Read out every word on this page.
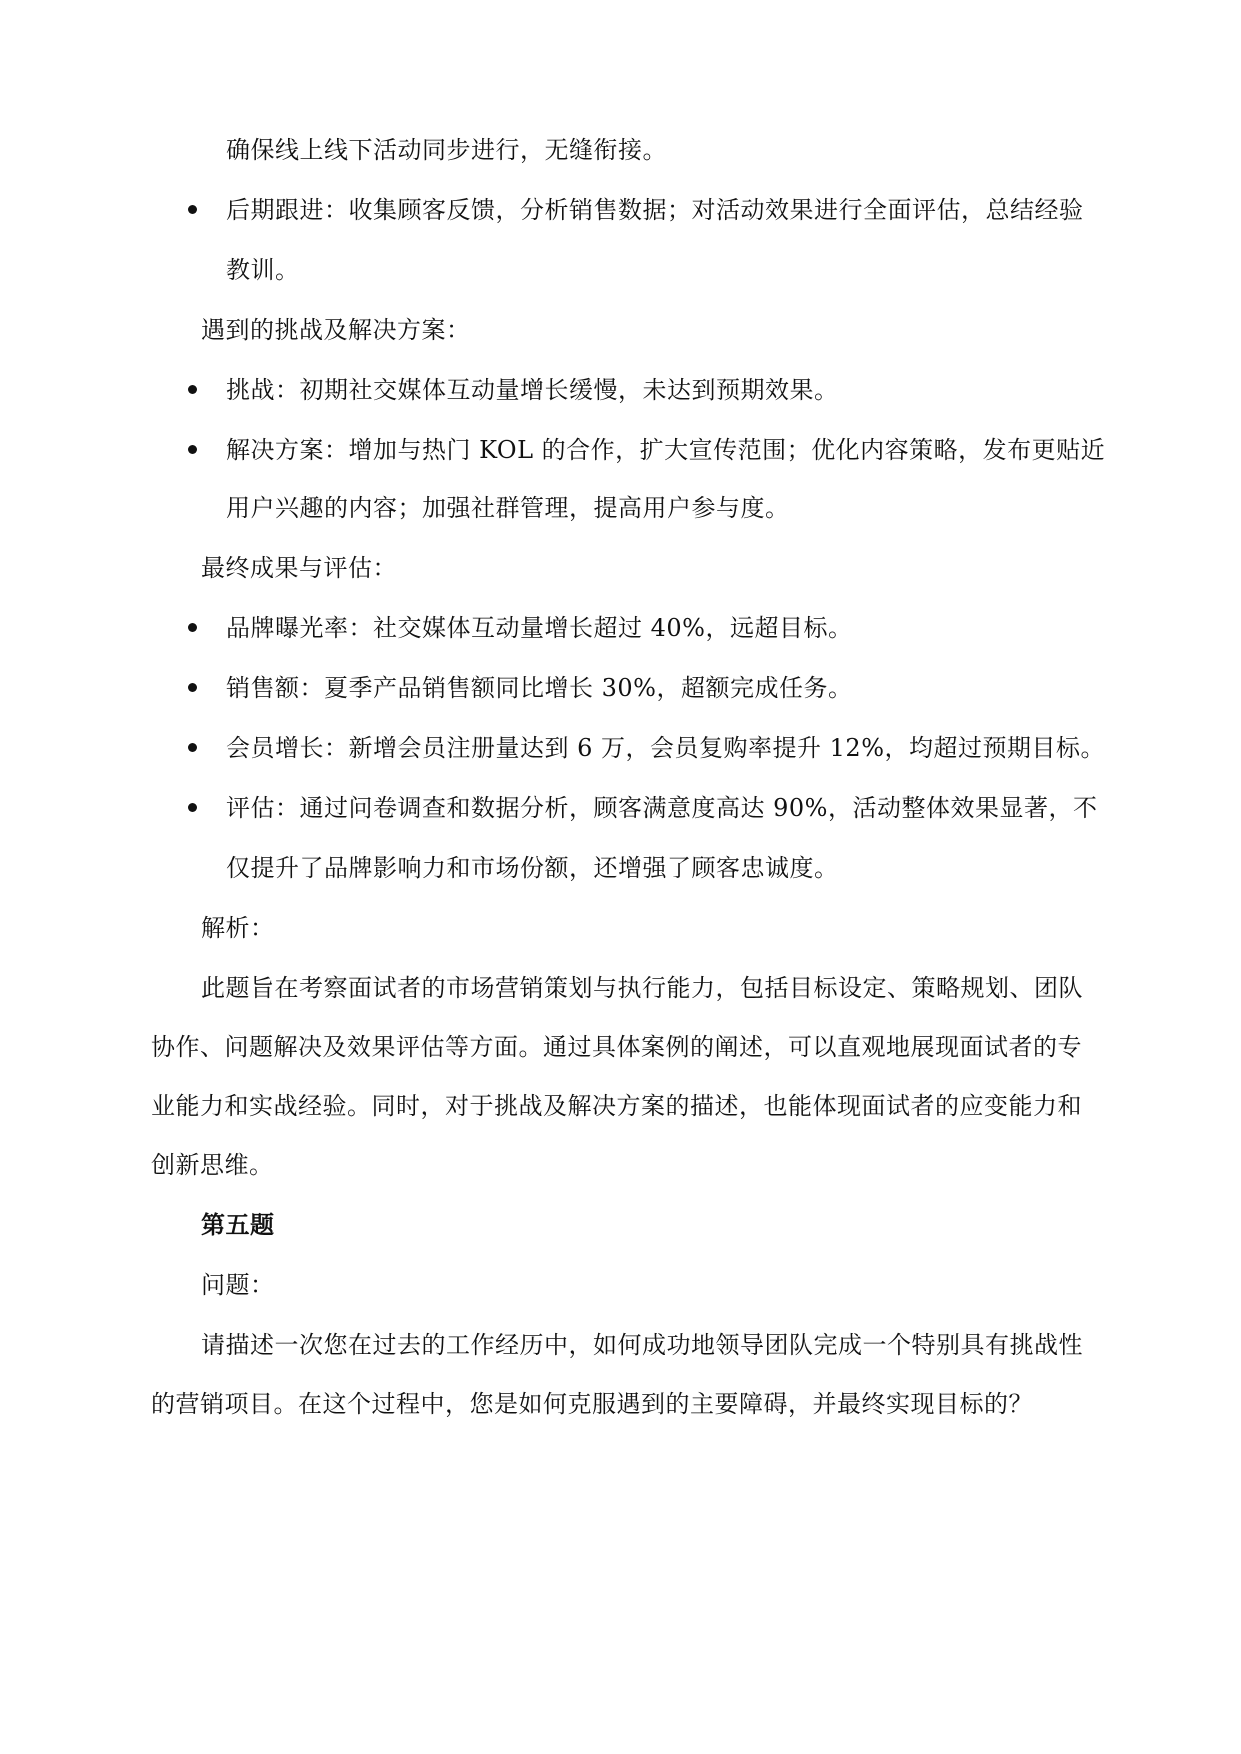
确保线上线下活动同步进行，无缝衔接。
后期跟进：收集顾客反馈，分析销售数据；对活动效果进行全面评估，总结经验
教训。
遇到的挑战及解决方案：
挑战：初期社交媒体互动量增长缓慢，未达到预期效果。
解决方案：增加与热门 KOL 的合作，扩大宣传范围；优化内容策略，发布更贴近
用户兴趣的内容；加强社群管理，提高用户参与度。
最终成果与评估：
品牌曝光率：社交媒体互动量增长超过 40%，远超目标。
销售额：夏季产品销售额同比增长 30%，超额完成任务。
会员增长：新增会员注册量达到 6 万，会员复购率提升 12%，均超过预期目标。
评估：通过问卷调查和数据分析，顾客满意度高达 90%，活动整体效果显著，不
仅提升了品牌影响力和市场份额，还增强了顾客忠诚度。
解析：
此题旨在考察面试者的市场营销策划与执行能力，包括目标设定、策略规划、团队
协作、问题解决及效果评估等方面。通过具体案例的阐述，可以直观地展现面试者的专
业能力和实战经验。同时，对于挑战及解决方案的描述，也能体现面试者的应变能力和
创新思维。
第五题
问题：
请描述一次您在过去的工作经历中，如何成功地领导团队完成一个特别具有挑战性
的营销项目。在这个过程中，您是如何克服遇到的主要障碍，并最终实现目标的？
